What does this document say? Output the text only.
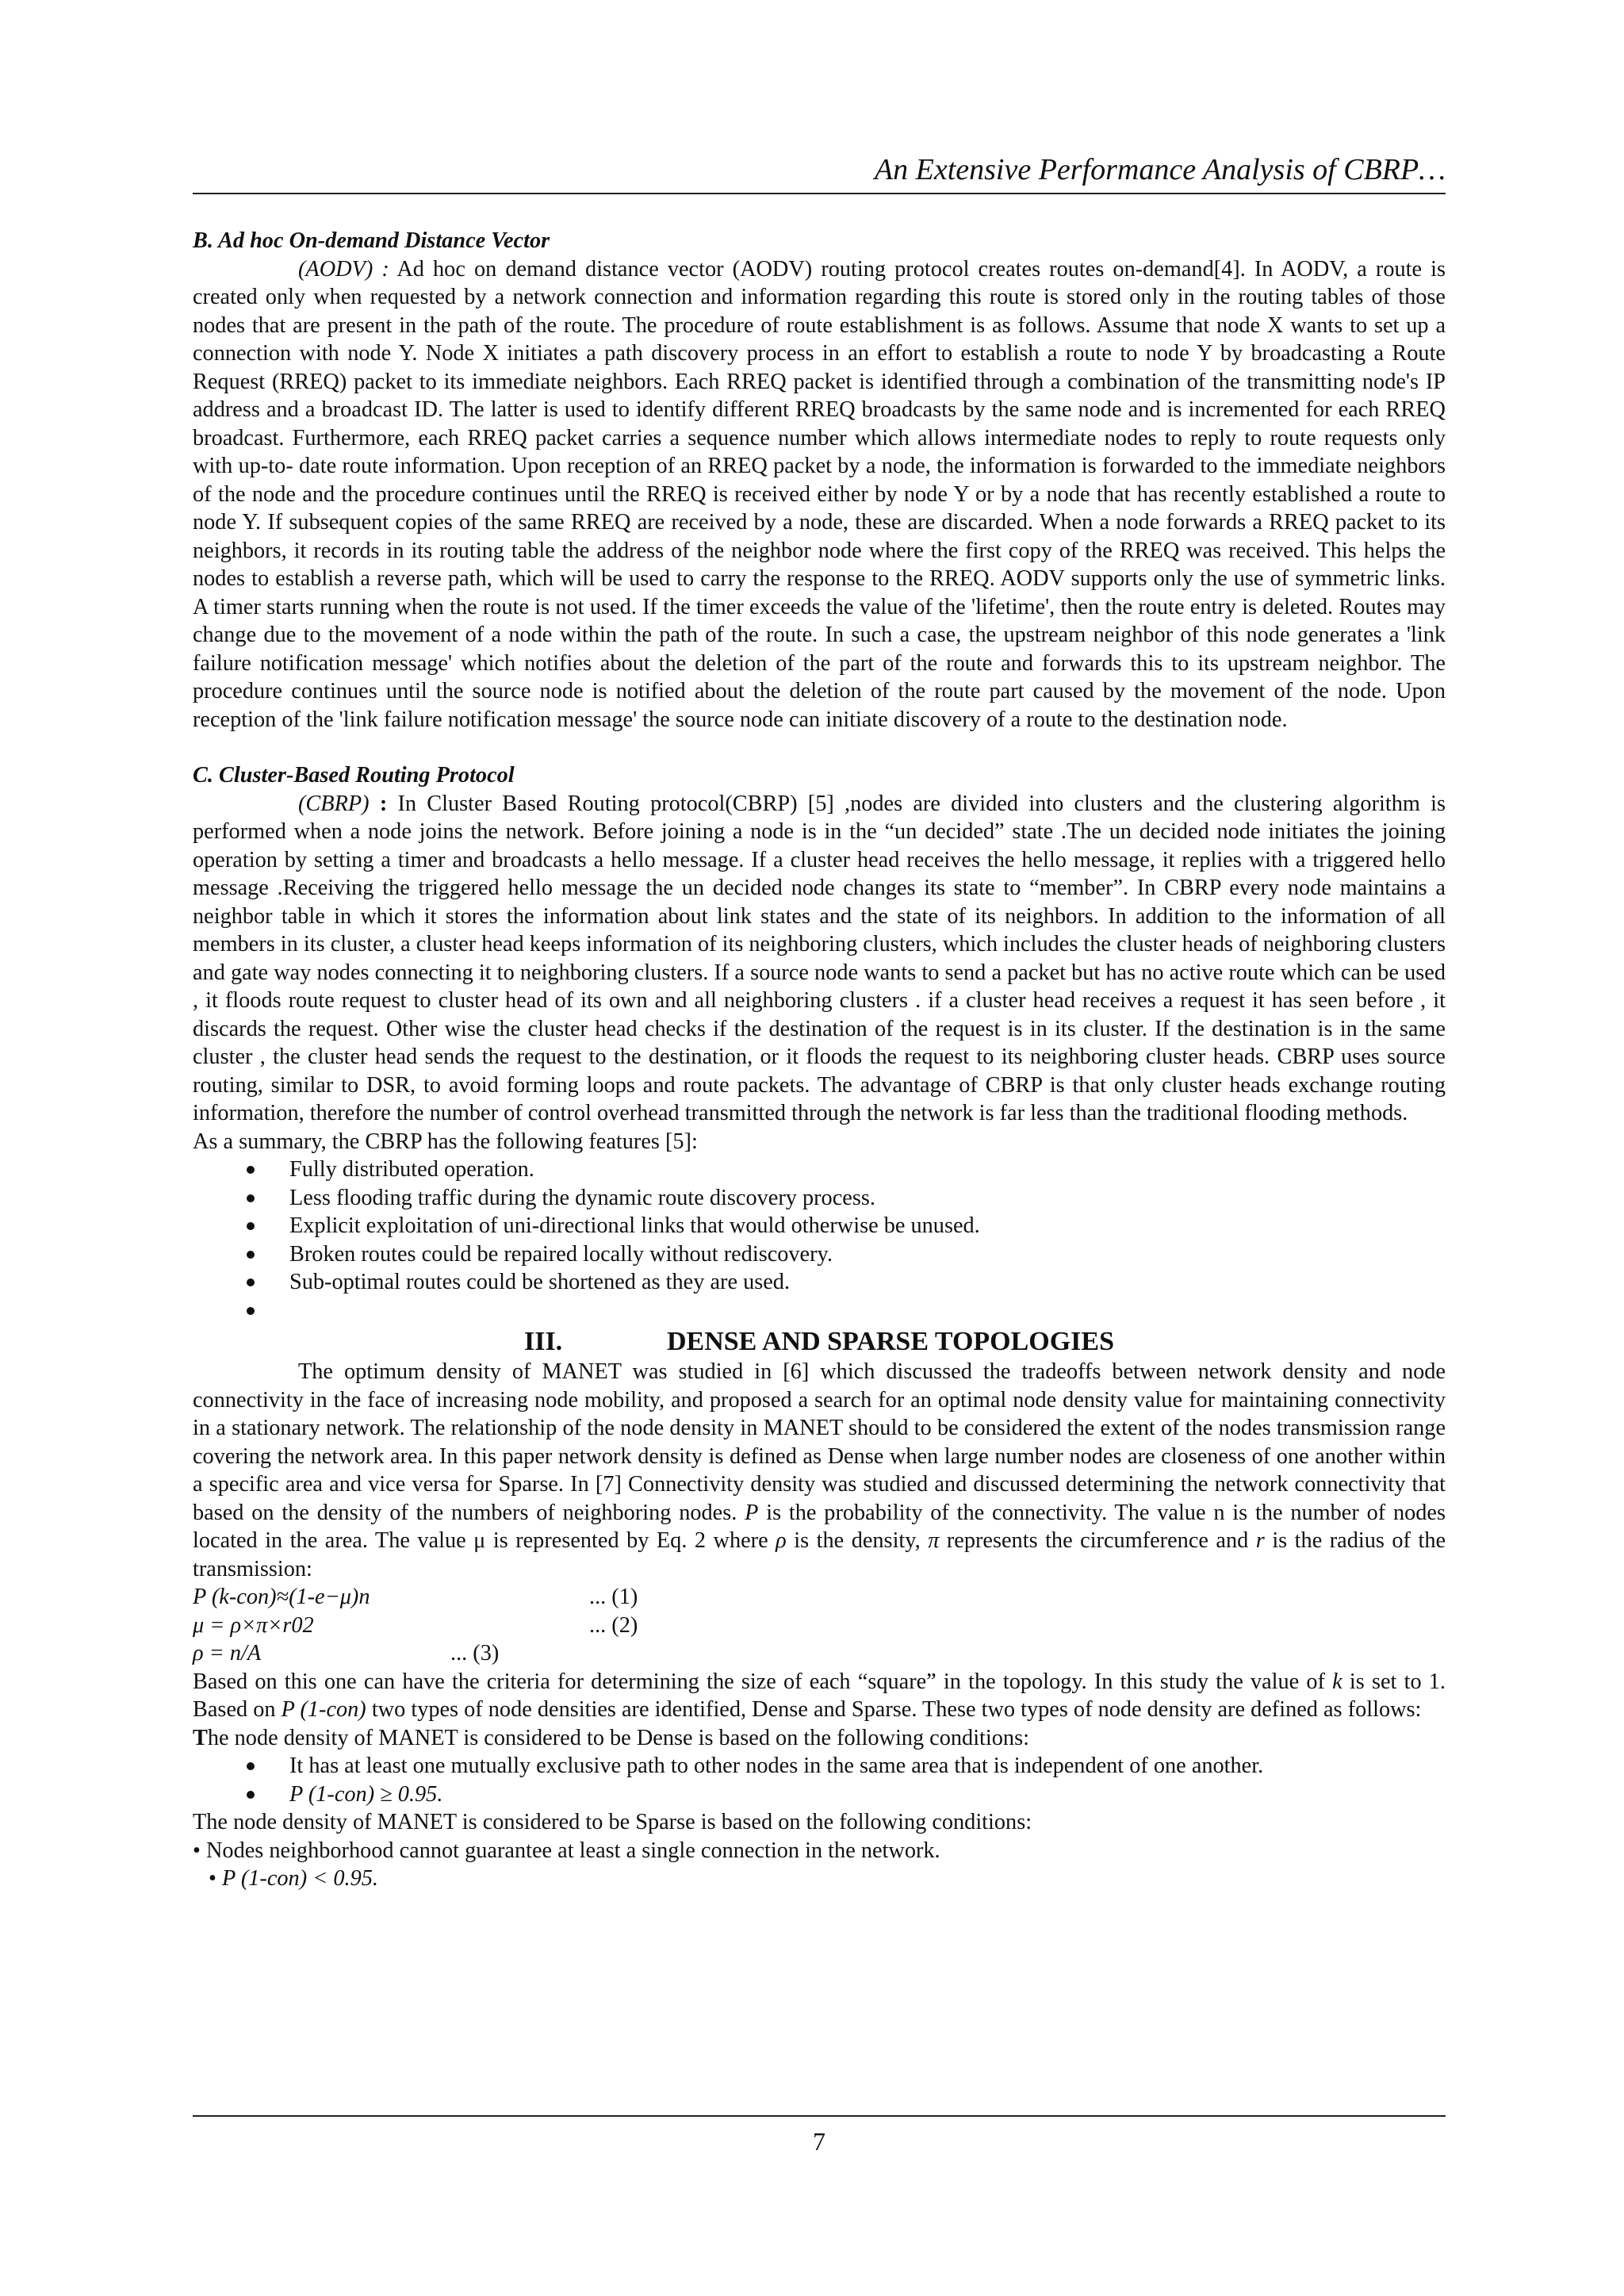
An Extensive Performance Analysis of CBRP…
B. Ad hoc On-demand Distance Vector
(AODV) : Ad hoc on demand distance vector (AODV) routing protocol creates routes on-demand[4]. In AODV, a route is created only when requested by a network connection and information regarding this route is stored only in the routing tables of those nodes that are present in the path of the route. The procedure of route establishment is as follows. Assume that node X wants to set up a connection with node Y. Node X initiates a path discovery process in an effort to establish a route to node Y by broadcasting a Route Request (RREQ) packet to its immediate neighbors. Each RREQ packet is identified through a combination of the transmitting node's IP address and a broadcast ID. The latter is used to identify different RREQ broadcasts by the same node and is incremented for each RREQ broadcast. Furthermore, each RREQ packet carries a sequence number which allows intermediate nodes to reply to route requests only with up-to- date route information. Upon reception of an RREQ packet by a node, the information is forwarded to the immediate neighbors of the node and the procedure continues until the RREQ is received either by node Y or by a node that has recently established a route to node Y. If subsequent copies of the same RREQ are received by a node, these are discarded. When a node forwards a RREQ packet to its neighbors, it records in its routing table the address of the neighbor node where the first copy of the RREQ was received. This helps the nodes to establish a reverse path, which will be used to carry the response to the RREQ. AODV supports only the use of symmetric links. A timer starts running when the route is not used. If the timer exceeds the value of the 'lifetime', then the route entry is deleted. Routes may change due to the movement of a node within the path of the route. In such a case, the upstream neighbor of this node generates a 'link failure notification message' which notifies about the deletion of the part of the route and forwards this to its upstream neighbor. The procedure continues until the source node is notified about the deletion of the route part caused by the movement of the node. Upon reception of the 'link failure notification message' the source node can initiate discovery of a route to the destination node.
C. Cluster-Based Routing Protocol
(CBRP) : In Cluster Based Routing protocol(CBRP) [5] ,nodes are divided into clusters and the clustering algorithm is performed when a node joins the network. Before joining a node is in the “un decided” state .The un decided node initiates the joining operation by setting a timer and broadcasts a hello message. If a cluster head receives the hello message, it replies with a triggered hello message .Receiving the triggered hello message the un decided node changes its state to “member”. In CBRP every node maintains a neighbor table in which it stores the information about link states and the state of its neighbors. In addition to the information of all members in its cluster, a cluster head keeps information of its neighboring clusters, which includes the cluster heads of neighboring clusters and gate way nodes connecting it to neighboring clusters. If a source node wants to send a packet but has no active route which can be used , it floods route request to cluster head of its own and all neighboring clusters . if a cluster head receives a request it has seen before , it discards the request. Other wise the cluster head checks if the destination of the request is in its cluster. If the destination is in the same cluster , the cluster head sends the request to the destination, or it floods the request to its neighboring cluster heads. CBRP uses source routing, similar to DSR, to avoid forming loops and route packets. The advantage of CBRP is that only cluster heads exchange routing information, therefore the number of control overhead transmitted through the network is far less than the traditional flooding methods.
As a summary, the CBRP has the following features [5]:
Fully distributed operation.
Less flooding traffic during the dynamic route discovery process.
Explicit exploitation of uni-directional links that would otherwise be unused.
Broken routes could be repaired locally without rediscovery.
Sub-optimal routes could be shortened as they are used.
III.	DENSE AND SPARSE TOPOLOGIES
The optimum density of MANET was studied in [6] which discussed the tradeoffs between network density and node connectivity in the face of increasing node mobility, and proposed a search for an optimal node density value for maintaining connectivity in a stationary network. The relationship of the node density in MANET should to be considered the extent of the nodes transmission range covering the network area. In this paper network density is defined as Dense when large number nodes are closeness of one another within a specific area and vice versa for Sparse. In [7] Connectivity density was studied and discussed determining the network connectivity that based on the density of the numbers of neighboring nodes. P is the probability of the connectivity. The value n is the number of nodes located in the area. The value μ is represented by Eq. 2 where ρ is the density, π represents the circumference and r is the radius of the transmission:
P (k-con)≈(1-e−μ)n	... (1)
μ = ρ×π×r02	... (2)
ρ = n/A	... (3)
Based on this one can have the criteria for determining the size of each “square” in the topology. In this study the value of k is set to 1. Based on P (1-con) two types of node densities are identified, Dense and Sparse. These two types of node density are defined as follows:
The node density of MANET is considered to be Dense is based on the following conditions:
It has at least one mutually exclusive path to other nodes in the same area that is independent of one another.
P (1-con) ≥ 0.95.
The node density of MANET is considered to be Sparse is based on the following conditions:
• Nodes neighborhood cannot guarantee at least a single connection in the network.
• P (1-con) < 0.95.
7
